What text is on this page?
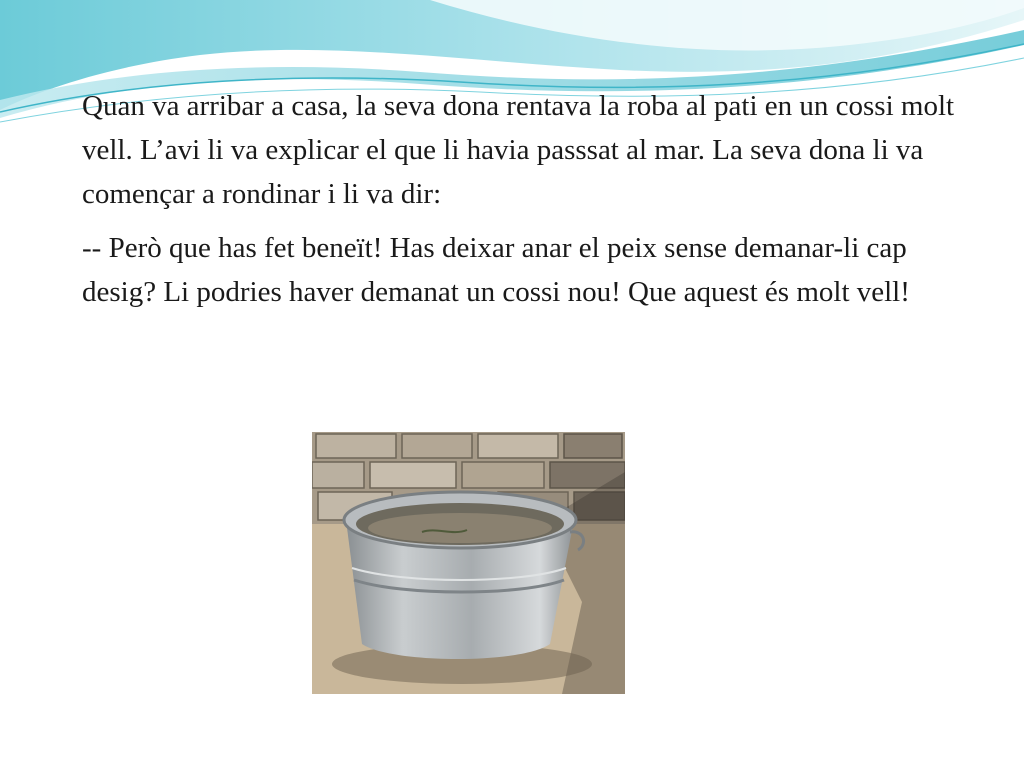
Quan va arribar a casa, la seva dona rentava la roba al pati en un cossi molt vell. L’avi li va explicar el que li havia passsat al mar. La seva dona li va començar a rondinar i li va dir:

-- Però que has fet beneït! Has deixar anar el peix sense demanar-li cap desig? Li podries haver demanat un cossi nou! Que aquest és molt vell!
